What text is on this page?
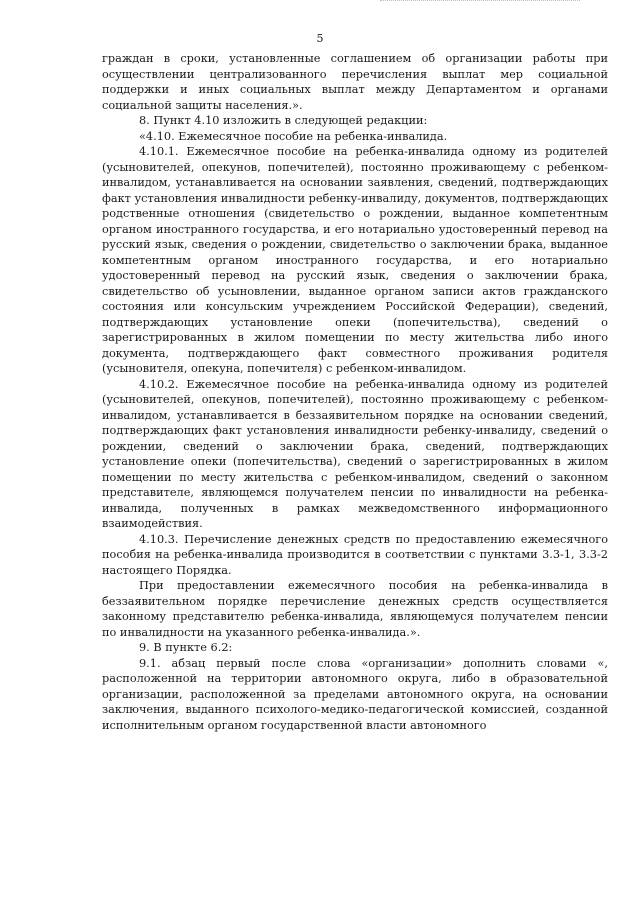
5

граждан в сроки, установленные соглашением об организации работы при осуществлении централизованного перечисления выплат мер социальной поддержки и иных социальных выплат между Департаментом и органами социальной защиты населения.».

8. Пункт 4.10 изложить в следующей редакции:

«4.10. Ежемесячное пособие на ребенка-инвалида.

4.10.1. Ежемесячное пособие на ребенка-инвалида одному из родителей (усыновителей, опекунов, попечителей), постоянно проживающему с ребенком-инвалидом, устанавливается на основании заявления, сведений, подтверждающих факт установления инвалидности ребенку-инвалиду, документов, подтверждающих родственные отношения (свидетельство о рождении, выданное компетентным органом иностранного государства, и его нотариально удостоверенный перевод на русский язык, сведения о рождении, свидетельство о заключении брака, выданное компетентным органом иностранного государства, и его нотариально удостоверенный перевод на русский язык, сведения о заключении брака, свидетельство об усыновлении, выданное органом записи актов гражданского состояния или консульским учреждением Российской Федерации), сведений, подтверждающих установление опеки (попечительства), сведений о зарегистрированных в жилом помещении по месту жительства либо иного документа, подтверждающего факт совместного проживания родителя (усыновителя, опекуна, попечителя) с ребенком-инвалидом.

4.10.2. Ежемесячное пособие на ребенка-инвалида одному из родителей (усыновителей, опекунов, попечителей), постоянно проживающему с ребенком-инвалидом, устанавливается в беззаявительном порядке на основании сведений, подтверждающих факт установления инвалидности ребенку-инвалиду, сведений о рождении, сведений о заключении брака, сведений, подтверждающих установление опеки (попечительства), сведений о зарегистрированных в жилом помещении по месту жительства с ребенком-инвалидом, сведений о законном представителе, являющемся получателем пенсии по инвалидности на ребенка-инвалида, полученных в рамках межведомственного информационного взаимодействия.

4.10.3. Перечисление денежных средств по предоставлению ежемесячного пособия на ребенка-инвалида производится в соответствии с пунктами 3.3-1, 3.3-2 настоящего Порядка.

При предоставлении ежемесячного пособия на ребенка-инвалида в беззаявительном порядке перечисление денежных средств осуществляется законному представителю ребенка-инвалида, являющемуся получателем пенсии по инвалидности на указанного ребенка-инвалида.».

9. В пункте 6.2:

9.1. абзац первый после слова «организации» дополнить словами «, расположенной на территории автономного округа, либо в образовательной организации, расположенной за пределами автономного округа, на основании заключения, выданного психолого-медико-педагогической комиссией, созданной исполнительным органом государственной власти автономного
